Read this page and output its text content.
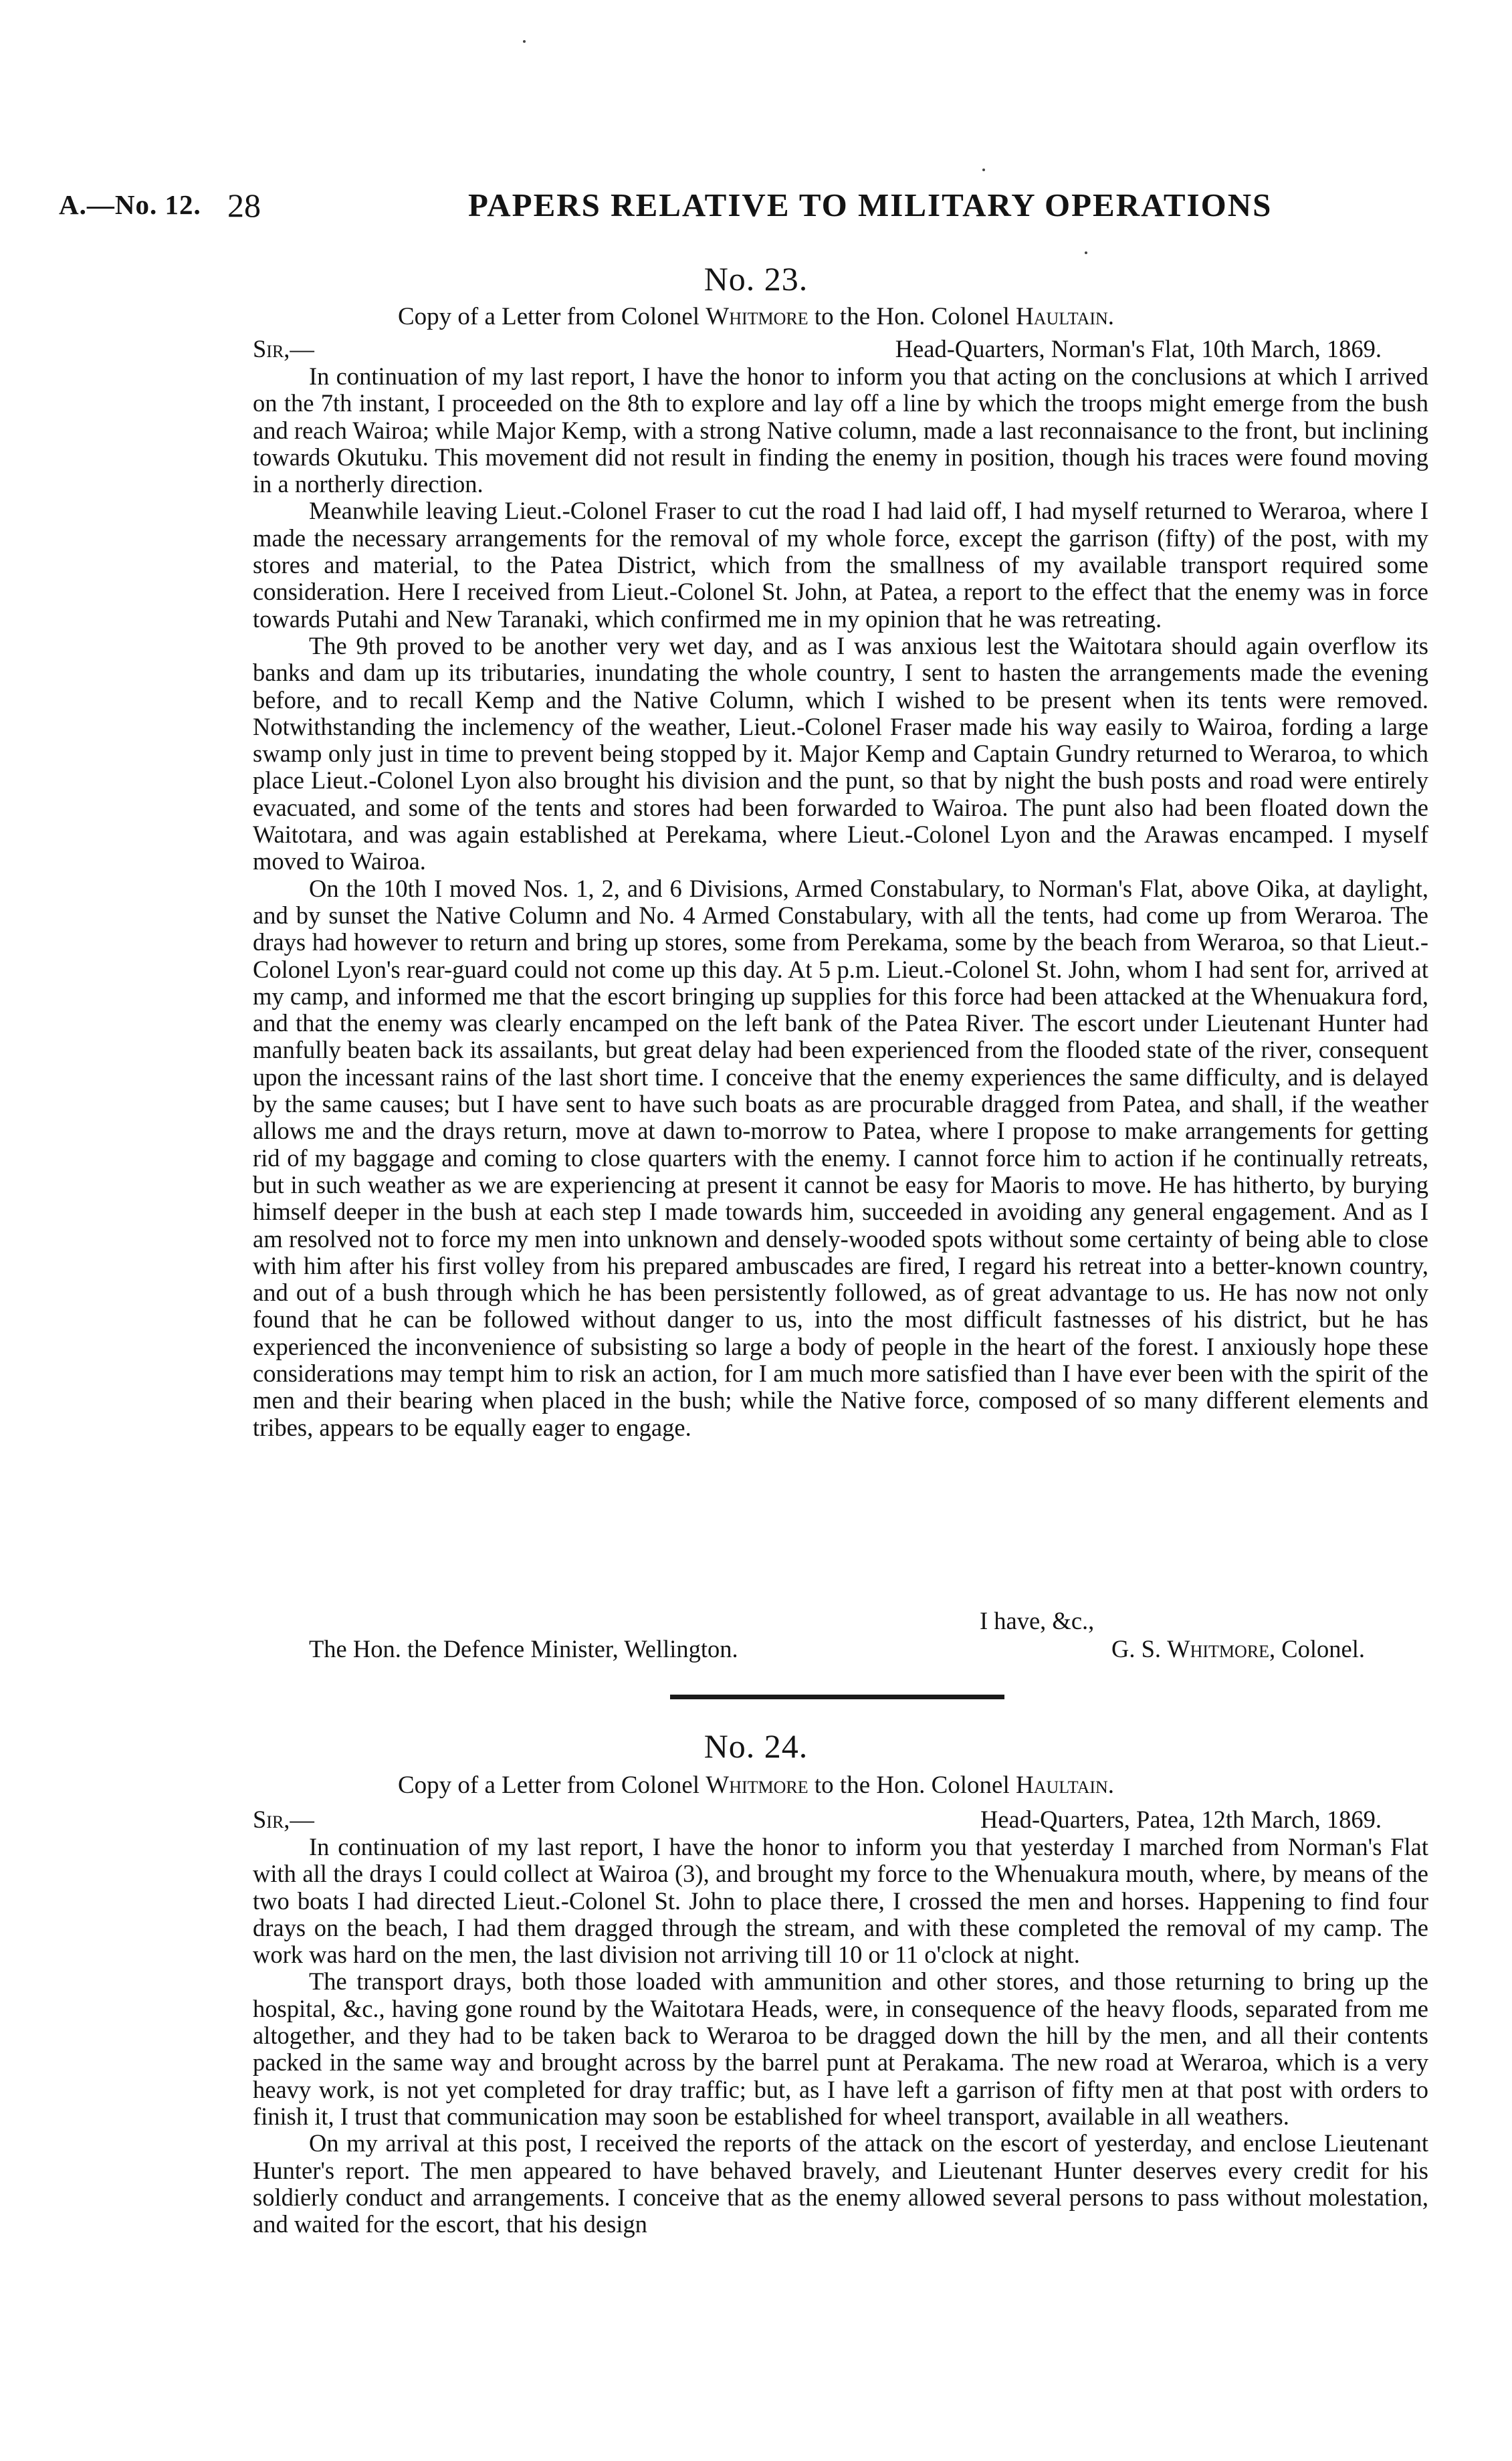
A.—No. 12. 28	PAPERS RELATIVE TO MILITARY OPERATIONS
No. 23.
Copy of a Letter from Colonel Whitmore to the Hon. Colonel Haultain.
Sir,—	Head-Quarters, Norman's Flat, 10th March, 1869.

In continuation of my last report, I have the honor to inform you that acting on the conclusions at which I arrived on the 7th instant, I proceeded on the 8th to explore and lay off a line by which the troops might emerge from the bush and reach Wairoa; while Major Kemp, with a strong Native column, made a last reconnaisance to the front, but inclining towards Okutuku. This movement did not result in finding the enemy in position, though his traces were found moving in a northerly direction.

Meanwhile leaving Lieut.-Colonel Fraser to cut the road I had laid off, I had myself returned to Weraroa, where I made the necessary arrangements for the removal of my whole force, except the garrison (fifty) of the post, with my stores and material, to the Patea District, which from the smallness of my available transport required some consideration. Here I received from Lieut.-Colonel St. John, at Patea, a report to the effect that the enemy was in force towards Putahi and New Taranaki, which confirmed me in my opinion that he was retreating.

The 9th proved to be another very wet day, and as I was anxious lest the Waitotara should again overflow its banks and dam up its tributaries, inundating the whole country, I sent to hasten the arrangements made the evening before, and to recall Kemp and the Native Column, which I wished to be present when its tents were removed. Notwithstanding the inclemency of the weather, Lieut.-Colonel Fraser made his way easily to Wairoa, fording a large swamp only just in time to prevent being stopped by it. Major Kemp and Captain Gundry returned to Weraroa, to which place Lieut.-Colonel Lyon also brought his division and the punt, so that by night the bush posts and road were entirely evacuated, and some of the tents and stores had been forwarded to Wairoa. The punt also had been floated down the Waitotara, and was again established at Perekama, where Lieut.-Colonel Lyon and the Arawas encamped. I myself moved to Wairoa.

On the 10th I moved Nos. 1, 2, and 6 Divisions, Armed Constabulary, to Norman's Flat, above Oika, at daylight, and by sunset the Native Column and No. 4 Armed Constabulary, with all the tents, had come up from Weraroa. The drays had however to return and bring up stores, some from Perekama, some by the beach from Weraroa, so that Lieut.-Colonel Lyon's rear-guard could not come up this day. At 5 p.m. Lieut.-Colonel St. John, whom I had sent for, arrived at my camp, and informed me that the escort bringing up supplies for this force had been attacked at the Whenuakura ford, and that the enemy was clearly encamped on the left bank of the Patea River. The escort under Lieutenant Hunter had manfully beaten back its assailants, but great delay had been experienced from the flooded state of the river, consequent upon the incessant rains of the last short time. I conceive that the enemy experiences the same difficulty, and is delayed by the same causes; but I have sent to have such boats as are procurable dragged from Patea, and shall, if the weather allows me and the drays return, move at dawn to-morrow to Patea, where I propose to make arrangements for getting rid of my baggage and coming to close quarters with the enemy. I cannot force him to action if he continually retreats, but in such weather as we are experiencing at present it cannot be easy for Maoris to move. He has hitherto, by burying himself deeper in the bush at each step I made towards him, succeeded in avoiding any general engagement. And as I am resolved not to force my men into unknown and densely-wooded spots without some certainty of being able to close with him after his first volley from his prepared ambuscades are fired, I regard his retreat into a better-known country, and out of a bush through which he has been persistently followed, as of great advantage to us. He has now not only found that he can be followed without danger to us, into the most difficult fastnesses of his district, but he has experienced the inconvenience of subsisting so large a body of people in the heart of the forest. I anxiously hope these considerations may tempt him to risk an action, for I am much more satisfied than I have ever been with the spirit of the men and their bearing when placed in the bush; while the Native force, composed of so many different elements and tribes, appears to be equally eager to engage.

I have, &c.,
The Hon. the Defence Minister, Wellington.	G. S. Whitmore, Colonel.
No. 24.
Copy of a Letter from Colonel Whitmore to the Hon. Colonel Haultain.
Sir,—	Head-Quarters, Patea, 12th March, 1869.

In continuation of my last report, I have the honor to inform you that yesterday I marched from Norman's Flat with all the drays I could collect at Wairoa (3), and brought my force to the Whenuakura mouth, where, by means of the two boats I had directed Lieut.-Colonel St. John to place there, I crossed the men and horses. Happening to find four drays on the beach, I had them dragged through the stream, and with these completed the removal of my camp. The work was hard on the men, the last division not arriving till 10 or 11 o'clock at night.

The transport drays, both those loaded with ammunition and other stores, and those returning to bring up the hospital, &c., having gone round by the Waitotara Heads, were, in consequence of the heavy floods, separated from me altogether, and they had to be taken back to Weraroa to be dragged down the hill by the men, and all their contents packed in the same way and brought across by the barrel punt at Perakama. The new road at Weraroa, which is a very heavy work, is not yet completed for dray traffic; but, as I have left a garrison of fifty men at that post with orders to finish it, I trust that communication may soon be established for wheel transport, available in all weathers.

On my arrival at this post, I received the reports of the attack on the escort of yesterday, and enclose Lieutenant Hunter's report. The men appeared to have behaved bravely, and Lieutenant Hunter deserves every credit for his soldierly conduct and arrangements. I conceive that as the enemy allowed several persons to pass without molestation, and waited for the escort, that his design
